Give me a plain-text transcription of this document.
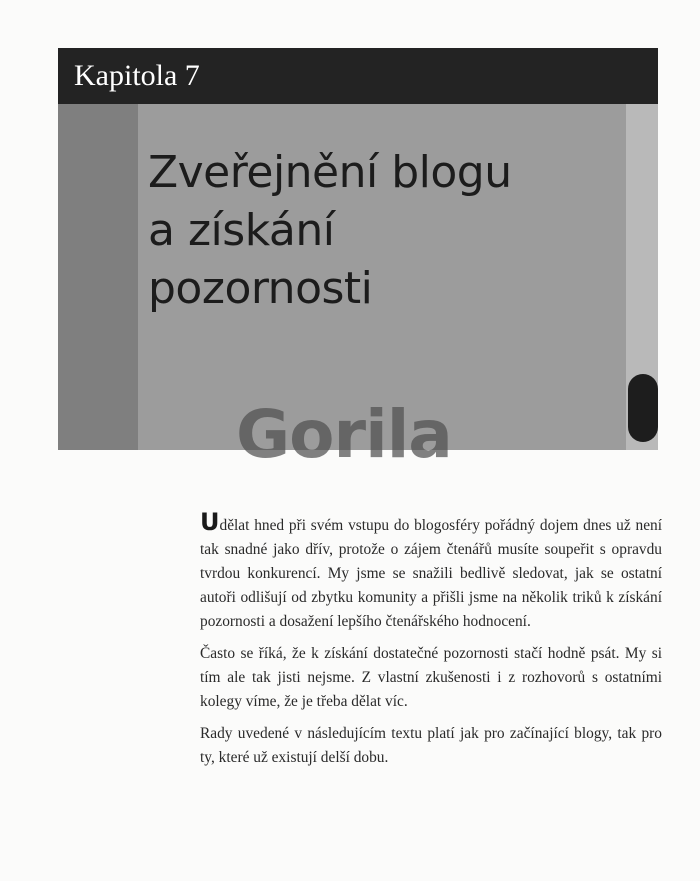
Kapitola 7
Zveřejnění blogu
a získání
pozornosti
Gorila

Udělat hned při svém vstupu do blogosféry pořádný dojem dnes už není tak snadné jako dřív, protože o zájem čtenářů musíte soupeřit s opravdu tvrdou konkurencí. My jsme se snažili bedlivě sledovat, jak se ostatní autoři odlišují od zbytku komunity a přišli jsme na několik triků k získání pozornosti a dosažení lepšího čtenářského hodnocení.

Často se říká, že k získání dostatečné pozornosti stačí hodně psát. My si tím ale tak jisti nejsme. Z vlastní zkušenosti i z rozhovorů s ostatními kolegy víme, že je třeba dělat víc.

Rady uvedené v následujícím textu platí jak pro začínající blogy, tak pro ty, které už existují delší dobu.
